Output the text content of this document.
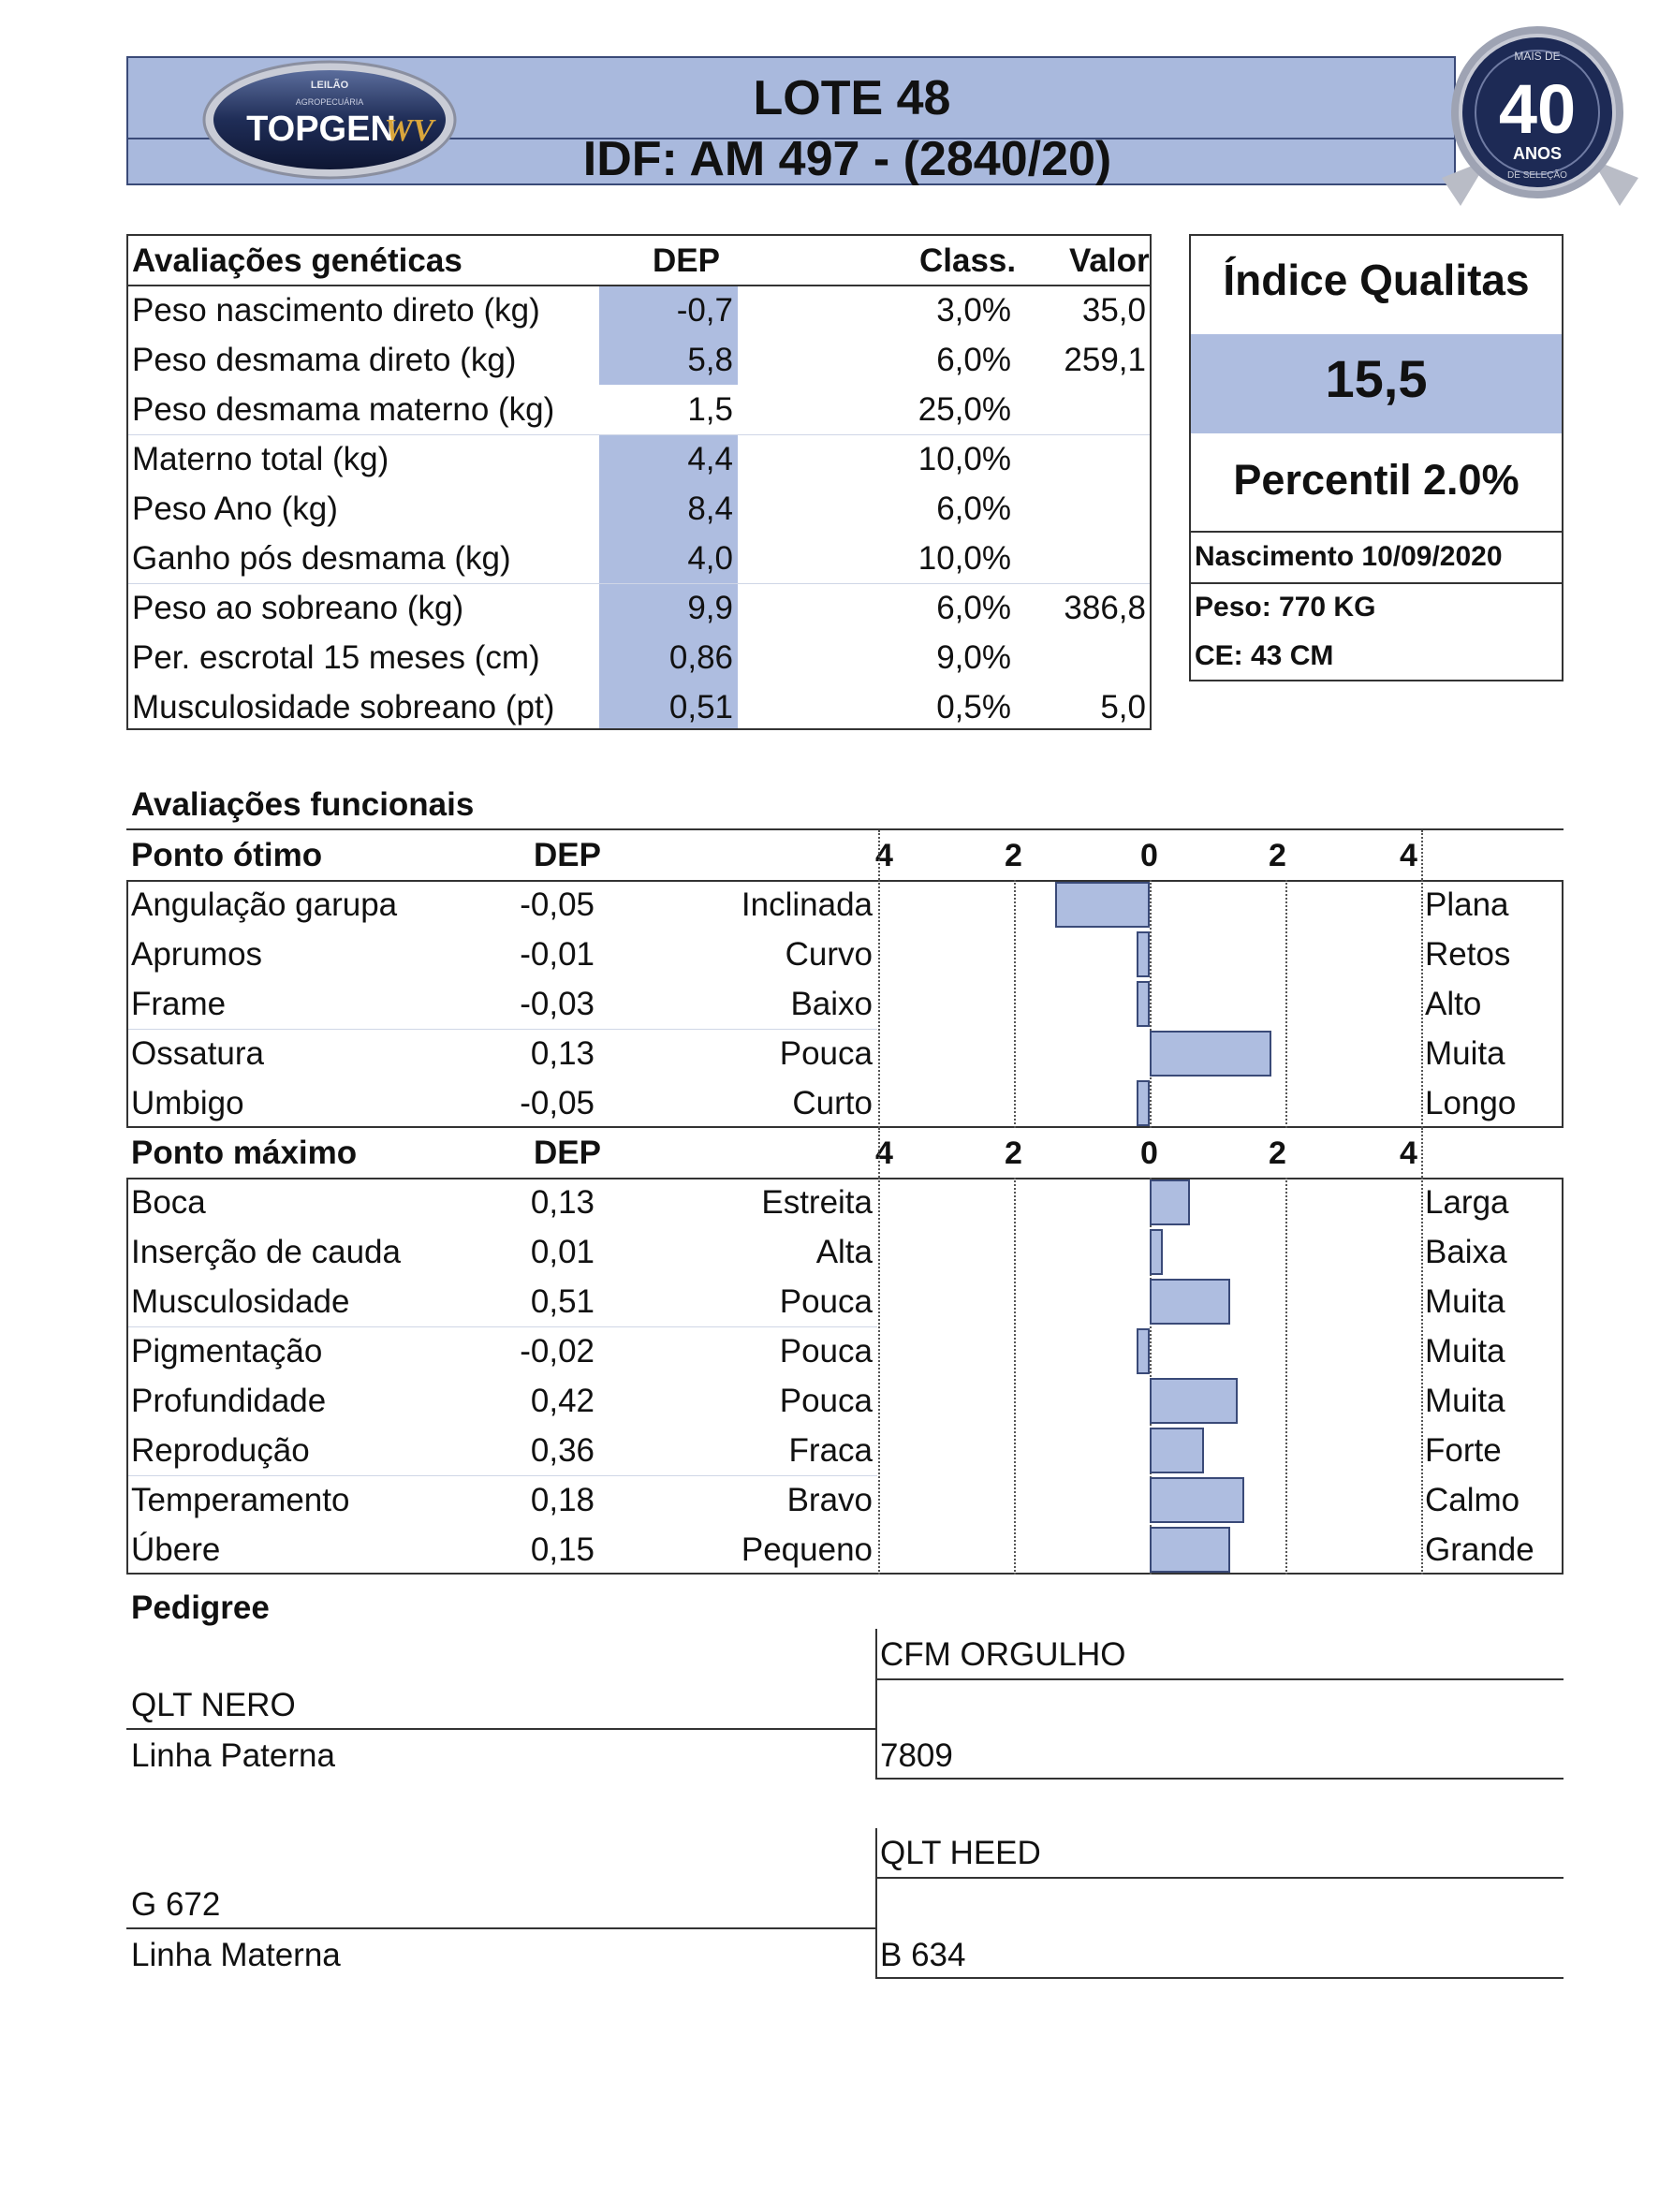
LOTE 48
IDF: AM 497 - (2840/20)
LEILÃO
AGROPECUÁRIA
TOPGEN
WV
MAIS DE
40
ANOS
DE SELEÇÃO
Avaliações genéticas	DEP	Class. Valor
Peso nascimento direto (kg)	-0,7	3,0% 35,0
Peso desmama direto (kg)	5,8	6,0% 259,1
Peso desmama materno (kg)	1,5	25,0%
Materno total (kg)	4,4	10,0%
Peso Ano (kg)	8,4	6,0%
Ganho pós desmama (kg)	4,0	10,0%
Peso ao sobreano (kg)	9,9	6,0% 386,8
Per. escrotal 15 meses (cm)	0,86	9,0%
Musculosidade sobreano (pt)	0,51	0,5%	5,0
Índice Qualitas
15,5
Percentil 2.0%
Nascimento 10/09/2020
Peso: 770 KG
CE: 43 CM
Avaliações funcionais
Ponto ótimo	DEP	4	2	0	2	4
Angulação garupa	-0,05	Inclinada	Plana
Aprumos	-0,01	Curvo	Retos
Frame	-0,03	Baixo	Alto
Ossatura	0,13	Pouca	Muita
Umbigo	-0,05	Curto	Longo
Ponto máximo	DEP	4	2	0	2	4
Boca	0,13	Estreita	Larga
Inserção de cauda	0,01	Alta	Baixa
Musculosidade	0,51	Pouca	Muita
Pigmentação	-0,02	Pouca	Muita
Profundidade	0,42	Pouca	Muita
Reprodução	0,36	Fraca	Forte
Temperamento	0,18	Bravo	Calmo
Úbere	0,15	Pequeno	Grande
Pedigree
CFM ORGULHO
QLT NERO
Linha Paterna	7809
QLT HEED
G 672
Linha Materna	B 634
